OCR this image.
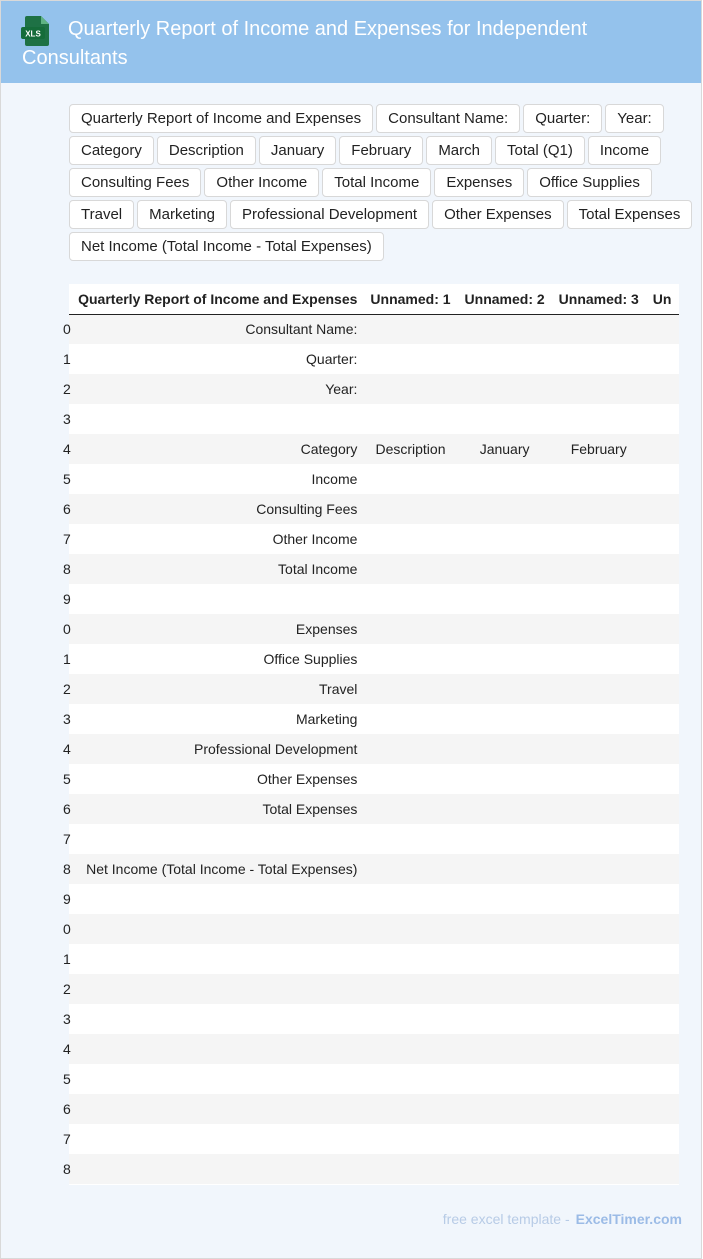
XLS	Quarterly Report of Income and Expenses for Independent Consultants
Quarterly Report of Income and Expenses	Consultant Name:	Quarter:	Year:
Category	Description	January	February	March	Total (Q1)	Income
Consulting Fees	Other Income	Total Income	Expenses	Office Supplies
Travel	Marketing	Professional Development	Other Expenses	Total Expenses
Net Income (Total Income - Total Expenses)
	Quarterly Report of Income and Expenses	Unnamed: 1	Unnamed: 2	Unnamed: 3	Un
0	Consultant Name:				
1	Quarter:				
2	Year:				
3					
4	Category	Description	January	February	
5	Income				
6	Consulting Fees				
7	Other Income				
8	Total Income				
9					
0	Expenses				
1	Office Supplies				
2	Travel				
3	Marketing				
4	Professional Development				
5	Other Expenses				
6	Total Expenses				
7					
8	Net Income (Total Income - Total Expenses)				
9					
0					
1					
2					
3					
4					
5					
6					
7					
8					
free excel template - ExcelTimer.com
